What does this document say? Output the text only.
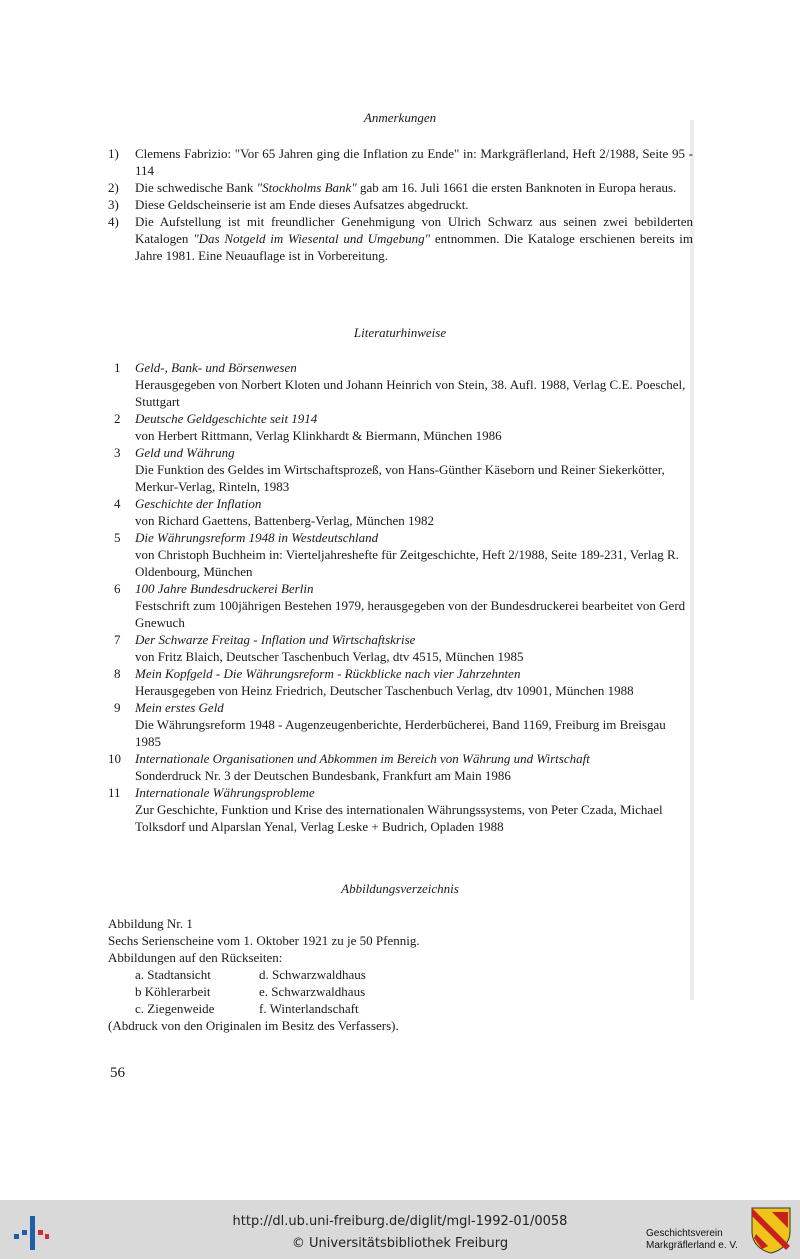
Anmerkungen
1)	Clemens Fabrizio: "Vor 65 Jahren ging die Inflation zu Ende" in: Markgräflerland, Heft 2/1988, Seite 95 - 114
2)	Die schwedische Bank "Stockholms Bank" gab am 16. Juli 1661 die ersten Banknoten in Europa heraus.
3)	Diese Geldscheinserie ist am Ende dieses Aufsatzes abgedruckt.
4)	Die Aufstellung ist mit freundlicher Genehmigung von Ulrich Schwarz aus seinen zwei bebilderten Katalogen "Das Notgeld im Wiesental und Umgebung" entnommen. Die Kataloge erschienen bereits im Jahre 1981. Eine Neuauflage ist in Vorbereitung.
Literaturhinweise
1	Geld-, Bank- und Börsenwesen
Herausgegeben von Norbert Kloten und Johann Heinrich von Stein, 38. Aufl. 1988, Verlag C.E. Poeschel, Stuttgart
2	Deutsche Geldgeschichte seit 1914
von Herbert Rittmann, Verlag Klinkhardt & Biermann, München 1986
3	Geld und Währung
Die Funktion des Geldes im Wirtschaftsprozeß, von Hans-Günther Käseborn und Reiner Siekerkötter, Merkur-Verlag, Rinteln, 1983
4	Geschichte der Inflation
von Richard Gaettens, Battenberg-Verlag, München 1982
5	Die Währungsreform 1948 in Westdeutschland
von Christoph Buchheim in: Vierteljahreshefte für Zeitgeschichte, Heft 2/1988, Seite 189-231, Verlag R. Oldenbourg, München
6	100 Jahre Bundesdruckerei Berlin
Festschrift zum 100jährigen Bestehen 1979, herausgegeben von der Bundesdruckerei bearbeitet von Gerd Gnewuch
7	Der Schwarze Freitag - Inflation und Wirtschaftskrise
von Fritz Blaich, Deutscher Taschenbuch Verlag, dtv 4515, München 1985
8	Mein Kopfgeld - Die Währungsreform - Rückblicke nach vier Jahrzehnten
Herausgegeben von Heinz Friedrich, Deutscher Taschenbuch Verlag, dtv 10901, München 1988
9	Mein erstes Geld
Die Währungsreform 1948 - Augenzeugenberichte, Herderbücherei, Band 1169, Freiburg im Breisgau 1985
10	Internationale Organisationen und Abkommen im Bereich von Währung und Wirtschaft
Sonderdruck Nr. 3 der Deutschen Bundesbank, Frankfurt am Main 1986
11	Internationale Währungsprobleme
Zur Geschichte, Funktion und Krise des internationalen Währungssystems, von Peter Czada, Michael Tolksdorf und Alparslan Yenal, Verlag Leske + Budrich, Opladen 1988
Abbildungsverzeichnis
Abbildung Nr. 1
Sechs Serienscheine vom 1. Oktober 1921 zu je 50 Pfennig.
Abbildungen auf den Rückseiten:
a. Stadtansicht	d. Schwarzwaldhaus
b Köhlerarbeit	e. Schwarzwaldhaus
c. Ziegenweide	f. Winterlandschaft
(Abdruck von den Originalen im Besitz des Verfassers).
56
http://dl.ub.uni-freiburg.de/diglit/mgl-1992-01/0058
© Universitätsbibliothek Freiburg
Geschichtsverein
Markgräflerland e. V.
